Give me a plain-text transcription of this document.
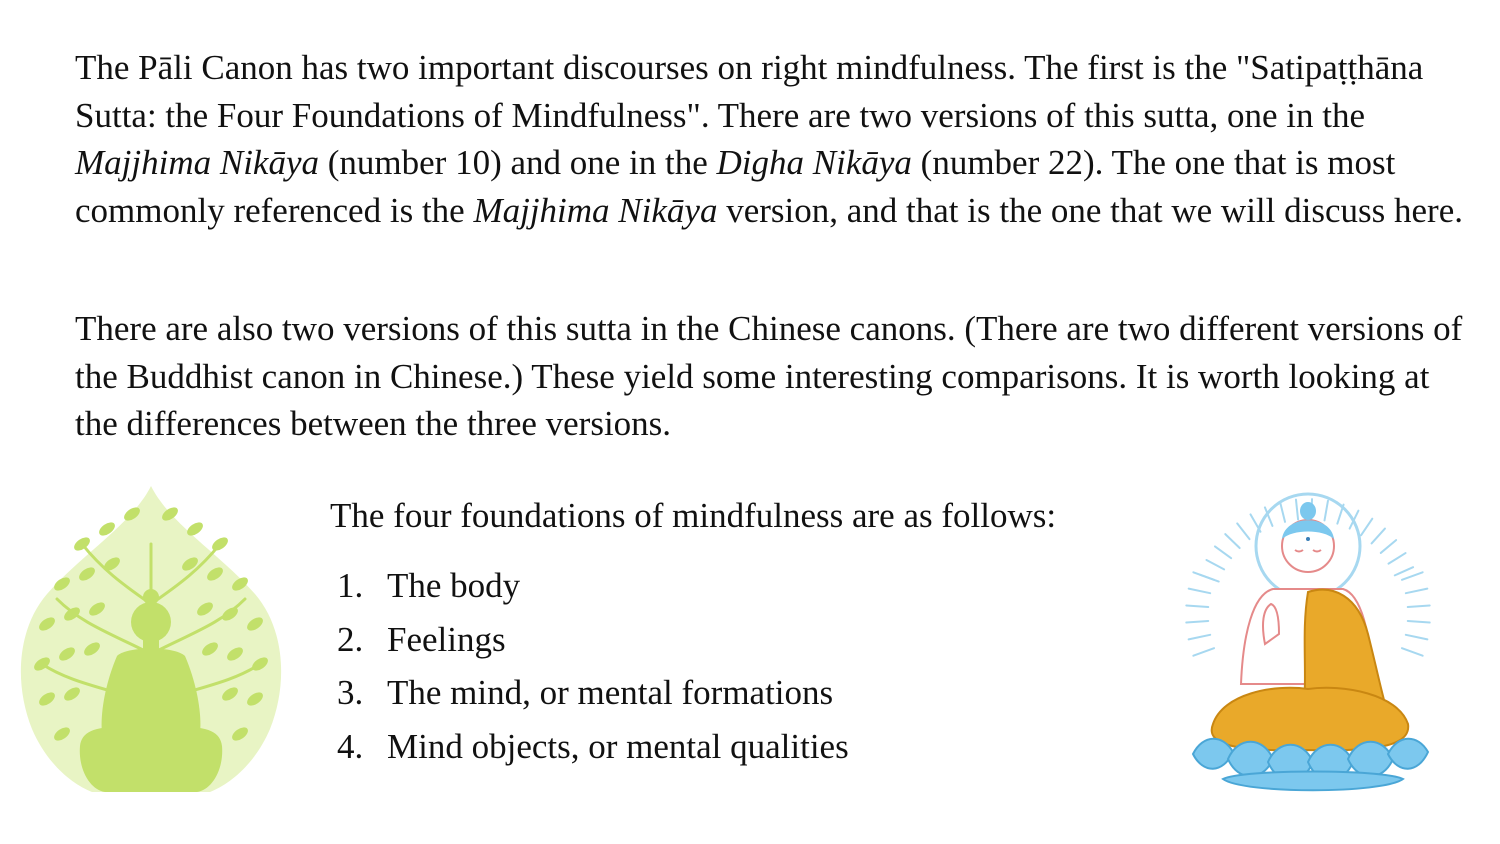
The Pāli Canon has two important discourses on right mindfulness. The first is the "Satipaṭṭhāna Sutta: the Four Foundations of Mindfulness". There are two versions of this sutta, one in the Majjhima Nikāya (number 10) and one in the Digha Nikāya (number 22). The one that is most commonly referenced is the Majjhima Nikāya version, and that is the one that we will discuss here.

There are also two versions of this sutta in the Chinese canons. (There are two different versions of the Buddhist canon in Chinese.) These yield some interesting comparisons. It is worth looking at the differences between the three versions.

The four foundations of mindfulness are as follows:

1. The body
2. Feelings
3. The mind, or mental formations
4. Mind objects, or mental qualities
